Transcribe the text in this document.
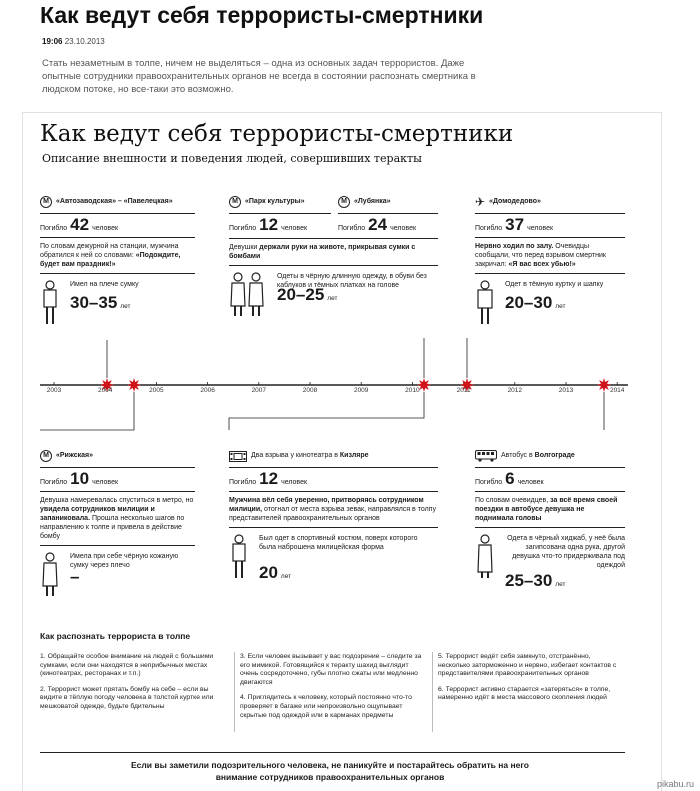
Как ведут себя террористы-смертники
19:06 23.10.2013
Стать незаметным в толпе, ничем не выделяться – одна из основных задач террористов. Даже опытные сотрудники правоохранительных органов не всегда в состоянии распознать смертника в людском потоке, но все-таки это возможно.
Как ведут себя террористы-смертники
Описание внешности и поведения людей, совершивших теракты
М	«Автозаводская» – «Павелецкая»
Погибло 42 человек
По словам дежурной на станции, мужчина обратился к ней со словами: «Подождите, будет вам праздник!»
Имел на плече сумку
30–35 лет
М	«Парк культуры»
Погибло 12 человек
М	«Лубянка»
Погибло 24 человек
Девушки держали руки на животе, прикрывая сумки с бомбами
Одеты в чёрную длинную одежду, в обуви без каблуков и тёмных платках на голове
20–25 лет
✈ «Домодедово»
Погибло 37 человек
Нервно ходил по залу. Очевидцы сообщали, что перед взрывом смертник закричал: «Я вас всех убью!»
Одет в тёмную куртку и шапку
20–30 лет
2003	2004	2005	2006	2007	2008	2009	2010	2011	2012	2013	2014
М	«Рижская»
Погибло 10 человек
Девушка намеревалась спуститься в метро, но увидела сотрудников милиции и запаниковала. Прошла несколько шагов по направлению к толпе и привела в действие бомбу
Имела при себе чёрную кожаную сумку через плечо
–
Два взрыва у кинотеатра в Кизляре
Погибло 12 человек
Мужчина вёл себя уверенно, притворяясь сотрудником милиции, отогнал от места взрыва зевак, направлялся в толпу представителей правоохранительных органов
Был одет в спортивный костюм, поверх которого была наброшена милицейская форма
20 лет
Автобус в Волгограде
Погибло 6 человек
По словам очевидцев, за всё время своей поездки в автобусе девушка не поднимала головы
Одета в чёрный хиджаб, у неё была загипсована одна рука, другой девушка что-то придерживала под одеждой
25–30 лет
Как распознать террориста в толпе
1. Обращайте особое внимание на людей с большими сумками, если они находятся в неприбычных местах (кинотеатрах, ресторанах и т.п.)
2. Террорист может прятать бомбу на себе – если вы видите в тёплую погоду человека в толстой куртке или мешковатой одежде, будьте бдительны
3. Если человек вызывает у вас подозрение – следите за его мимикой. Готовящийся к теракту шахид выглядит очень сосредоточено, губы плотно сжаты или медленно двигаются
4. Приглядитесь к человеку, который постоянно что-то проверяет в багаже или непроизвольно ощупывает скрытые под одеждой или в карманах предметы
5. Террорист ведёт себя замкнуто, отстранённо, несколько заторможенно и нервно, избегает контактов с представителями правоохранительных органов
6. Террорист активно старается «затеряться» в толпе, намеренно идёт в места массового скопления людей
Если вы заметили подозрительного человека, не паникуйте и постарайтесь обратить на него внимание сотрудников правоохранительных органов
pikabu.ru
